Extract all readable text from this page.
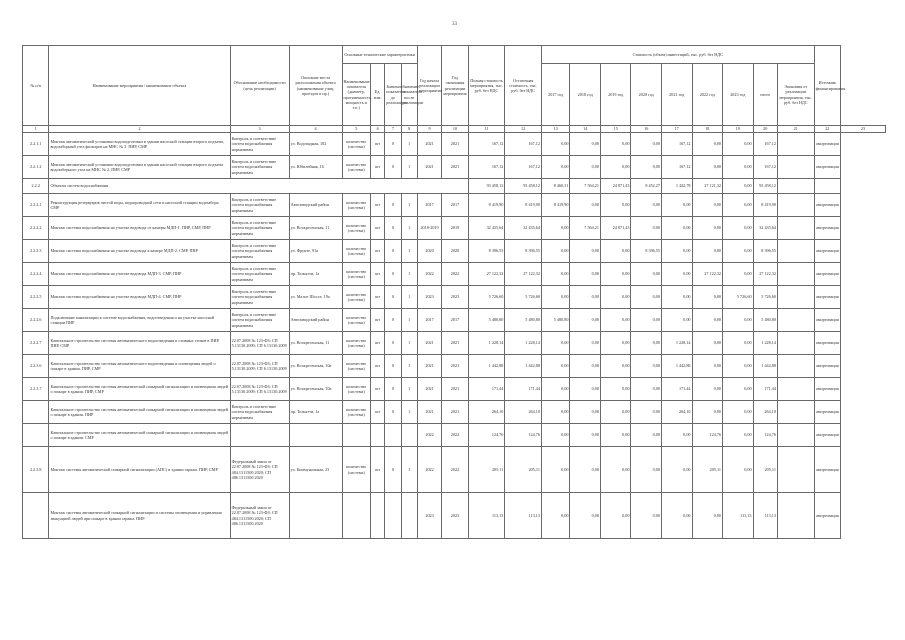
33
№ п/п	Наименование мероприятия / наименование объекта	Обоснование необходимости (цель реализации)	Описание места расположения объекта (наименование улиц, проездов и пр.)	Основные технические характеристики				Год начала реализации мероприятия	Год окончания реализации мероприятия	Полная стоимость мероприятия, тыс. руб. без НДС	Остаточная стоимость, тыс. руб. без НДС	Стоимость (объем) инвестиций, тыс. руб. без НДС									Источник финансирования	
				Наименование показателя (диаметр, протяженность, мощность и т.п.)	Ед. изм.	Значение показателя до реализации	Значение показателя после реализации					2017 год	2018 год	2019 год	2020 год	2021 год	2022 год	2023 год	итого	Экономия от реализации мероприятия, тыс. руб. без НДС		
1	2	3	4	5	6	7	8	9	10	11	12	13	14	15	16	17	18	19	20	21	22	23
2.2.1.1	Монтаж автоматической установки водоподготовки в здании насосной станции второго подъема, водозаборный узел фильтров на МНС № 3. ПИР, СМР	Контроль и соответствие систем водоснабжения нормативам	ул. Водопадная, 182	количество (система)	шт	0	1	2021	2021	167,12	167,12	0,00	0,00	0,00	0,00	167,12	0,00	0,00	167,12		амортизация	
2.2.1.2	Монтаж автоматической установки водоподготовки в здании насосной станции второго подъема водозаборного узла на МНС № 2. ПИР, СМР	Контроль и соответствие систем водоснабжения нормативам	ул. Юбилейная, 16	количество (система)	шт	0	1	2021	2021	167,12	167,12	0,00	0,00	0,00	0,00	167,12	0,00	0,00	167,12		амортизация	
2.2.2	Объекты систем водоснабжения									93 458,12	93 458,12	8 460,31	7 564,21	24 871,43	8 452,27	1 442,78	27 121,32	0,00	93 458,12			
2.2.2.1	Реконструкция резервуаров чистой воды, водопроводной сети и насосной станции водозабора. СМР	Контроль и соответствие систем водоснабжения нормативам	Автозаводский район	количество (система)	шт	0	1	2017	2017	8 419,90	8 419,90	8 419,90	0,00	0,00	0,00	0,00	0,00	0,00	8 419,90		амортизация	
2.2.2.2	Монтаж системы водоснабжения на участке водовода от камеры МДП-1. ПИР, СМР, ПНР	Контроль и соответствие систем водоснабжения нормативам	ул. Воскресенская, 11	количество (система)	шт	0	1	2018-2019	2019	32 435,64	32 435,64	0,00	7 564,21	24 871,43	0,00	0,00	0,00	0,00	32 435,64		амортизация	
2.2.2.3	Монтаж системы водоснабжения на участке водовода к камере МДП-2. СМР, ПНР	Контроль и соответствие систем водоснабжения нормативам	ул. Фрунзе, 91а	количество (система)	шт	0	1	2020	2020	8 396,55	8 396,55	0,00	0,00	0,00	8 396,55	0,00	0,00	0,00	8 396,55		амортизация	
2.2.2.4	Монтаж системы водоснабжения на участке водовода МДП-3. СМР, ПНР	Контроль и соответствие систем водоснабжения нормативам	пр. Тольятти, 1а	количество (система)	шт	0	1	2022	2022	27 122,32	27 122,32	0,00	0,00	0,00	0,00	0,00	27 122,32	0,00	27 122,32		амортизация	
2.2.2.5	Монтаж системы водоснабжения на участке водовода МДП-4. СМР, ПНР	Контроль и соответствие систем водоснабжения нормативам	ул. Малое Шоссе, 19а	количество (система)	шт	0	1	2023	2023	5 726,60	5 726,60	0,00	0,00	0,00	0,00	0,00	0,00	5 726,60	5 726,60		амортизация	
2.2.2.6	Подключение канализации к системе водоснабжения, водоотведения и на участке насосной станции ПИР	Контроль и соответствие систем водоснабжения нормативам	Автозаводский район	количество (система)	шт	0	1	2017	2017	5 480,80	5 480,80	5 480,80	0,00	0,00	0,00	0,00	0,00	0,00	5 480,80		амортизация	
2.2.2.7	Капитальное строительство системы автоматического водоотведения и сливных стоков в ПИР. ПИР, СМР	22.07.2008 № 123-ФЗ; СП 5.13130.2009; СП 6.13130.2009	ул. Воскресенская, 11	количество (система)	шт	0	1	2021	2021	1 228,14	1 228,14	0,00	0,00	0,00	0,00	1 228,14	0,00	0,00	1 228,14		амортизация	
2.2.3.6	Капитальное строительство системы автоматического водоотведения и оповещения людей о пожаре в здании. ПИР, СМР	22.07.2008 № 123-ФЗ; СП 5.13130.2009; СП 6.13130.2009	ул. Воскресенская, 10а	количество (система)	шт	0	1	2021	2021	1 442,88	1 442,88	0,00	0,00	0,00	0,00	1 442,88	0,00	0,00	1 442,88		амортизация	
2.2.3.7	Капитальное строительство системы автоматической пожарной сигнализации и оповещения людей о пожаре в здании. ПИР, СМР	22.07.2008 № 123-ФЗ; СП 5.13130.2009; СП 6.13130.2009	ул. Воскресенская, 10а	количество (система)	шт	0	1	2021	2021	171,44	171,44	0,00	0,00	0,00	0,00	171,44	0,00	0,00	171,44		амортизация	
	Капитальное строительство системы автоматической пожарной сигнализации и оповещения людей о пожаре в здании. ПИР	Контроль и соответствие систем водоснабжения нормативам	пр. Тольятти, 1а	количество (система)	шт	0	1	2021	2021	264,10	264,10	0,00	0,00	0,00	0,00	264,10	0,00	0,00	264,10		амортизация	
	Капитальное строительство системы автоматической пожарной сигнализации и оповещения людей о пожаре в здании. СМР							2022	2022	124,76	124,76	0,00	0,00	0,00	0,00	0,00	124,76	0,00	124,76		амортизация	
2.2.3.8	Монтаж системы автоматической пожарной сигнализации (АПС) в здании гаража. ПИР, СМР	Федеральный закон от 22.07.2008 № 123-ФЗ; СП 484.1311500.2020; СП 486.1311500.2020	ул. Коммунальная, 23	количество (система)	шт	0	1	2022	2022	205,11	205,11	0,00	0,00	0,00	0,00	0,00	205,11	0,00	205,11		амортизация	
	Монтаж системы автоматической пожарной сигнализации и системы оповещения и управления эвакуацией людей при пожаре в здании гаража. ПИР	Федеральный закон от 22.07.2008 № 123-ФЗ; СП 484.1311500.2020; СП 486.1311500.2020						2023	2023	113,13	113,13	0,00	0,00	0,00	0,00	0,00	0,00	113,13	113,13		амортизация	
